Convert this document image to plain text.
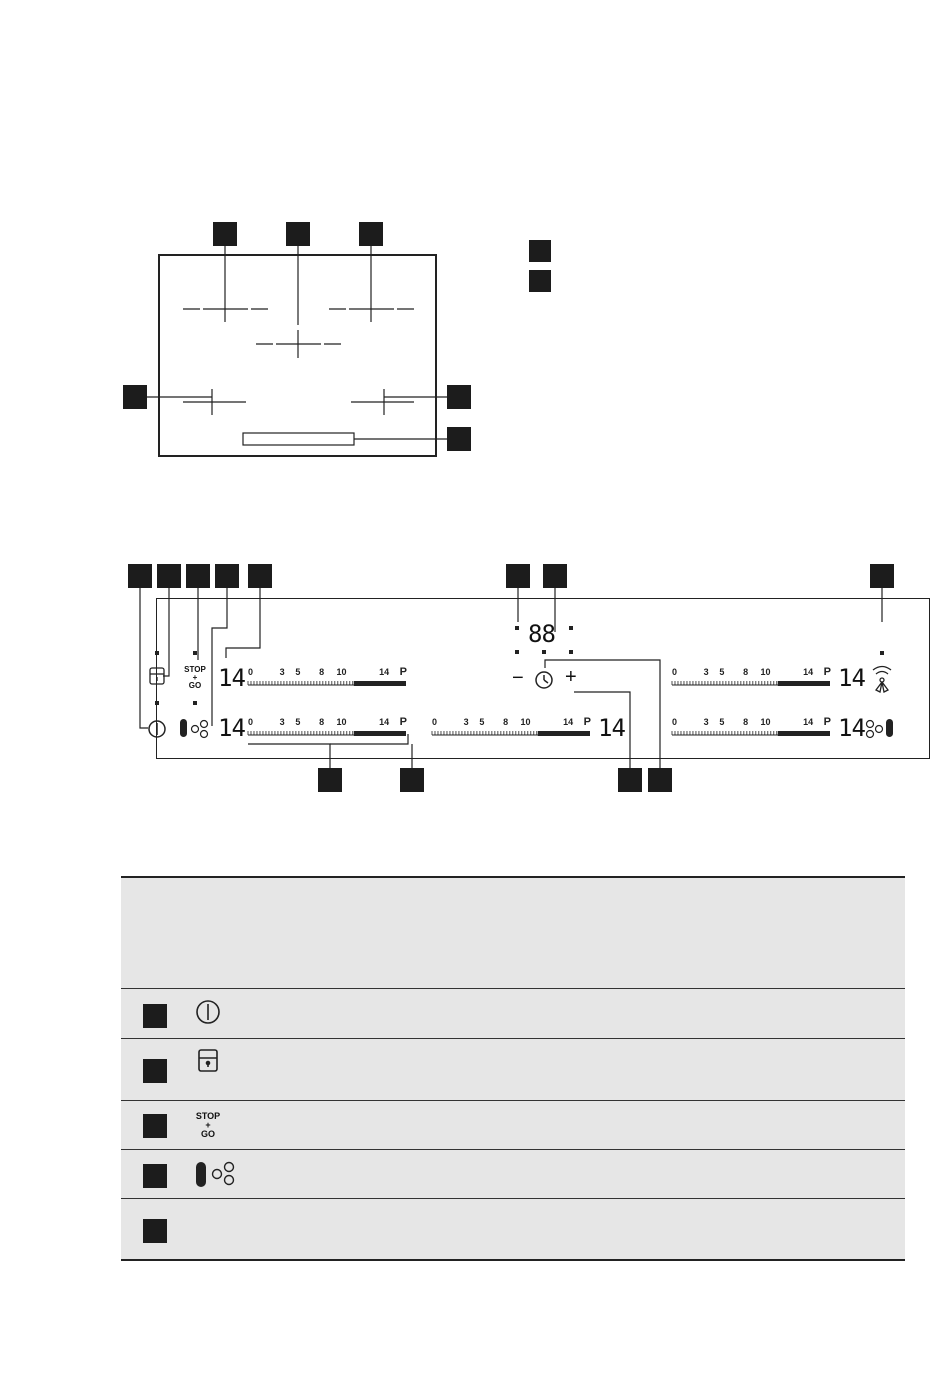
0	3 5 8 10	14 P
0	3 5 8 10	14 P	0	3 5 8 10	14 P
0	3 5 8 10	14 P
0	3 5 8 10	14 P
14
14	14
14
14
88
− +
STOP
+
GO
STOP
+
GO
